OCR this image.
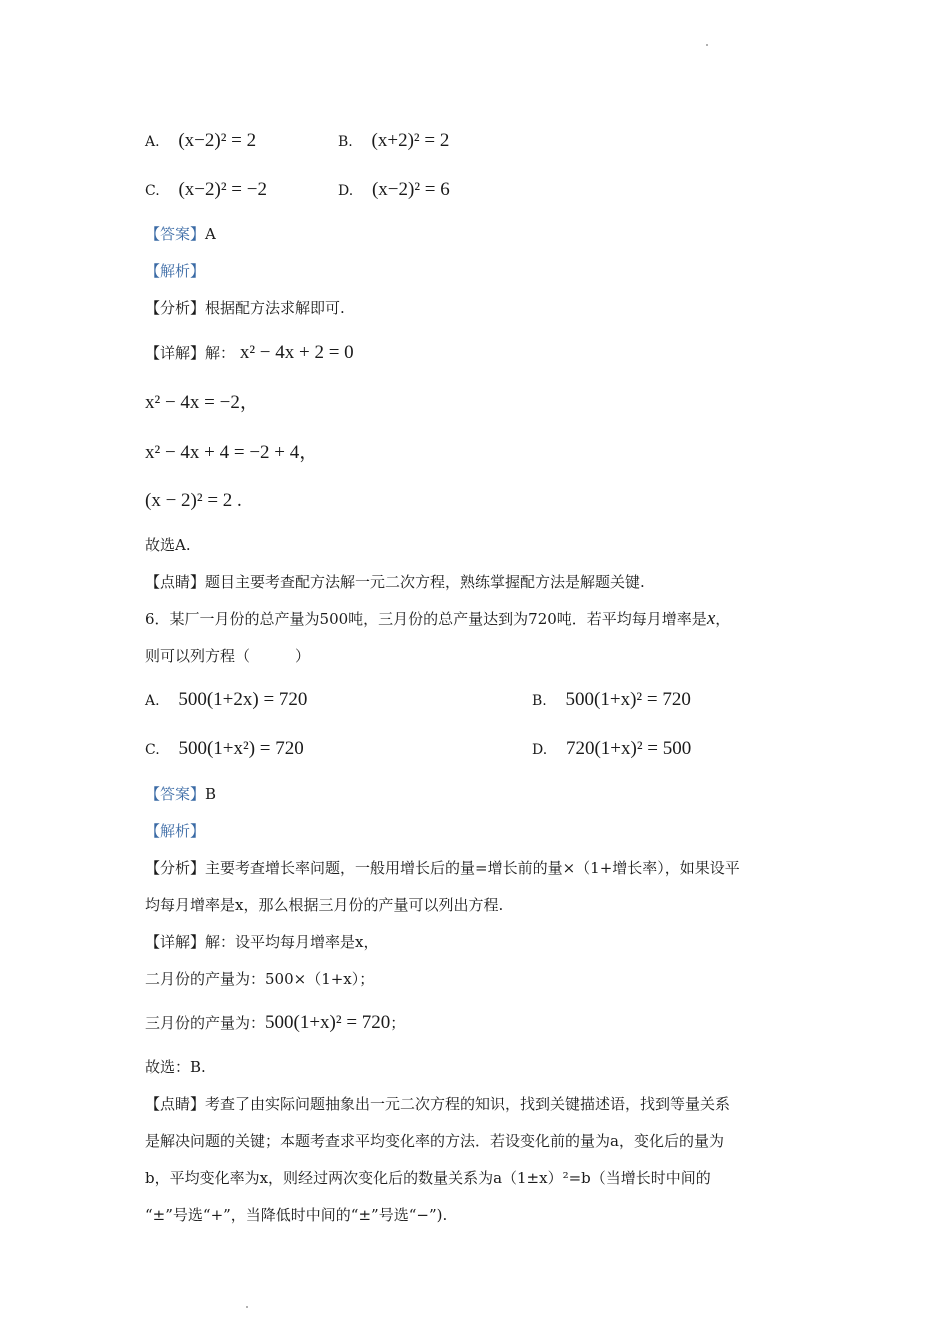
A. (x−2)² = 2	B. (x+2)² = 2
C. (x−2)² = −2	D. (x−2)² = 6
【答案】A
【解析】
【分析】根据配方法求解即可.
【详解】解： x² − 4x + 2 = 0
x² − 4x = −2，
x² − 4x + 4 = −2 + 4，
(x − 2)² = 2 .
故选A.
【点睛】题目主要考查配方法解一元二次方程，熟练掌握配方法是解题关键.
6．某厂一月份的总产量为500吨，三月份的总产量达到为720吨．若平均每月增率是x，
则可以列方程（　　　）
A. 500(1+2x) = 720	B. 500(1+x)² = 720
C. 500(1+x²) = 720	D. 720(1+x)² = 500
【答案】B
【解析】
【分析】主要考查增长率问题，一般用增长后的量=增长前的量×（1+增长率），如果设平
均每月增率是x，那么根据三月份的产量可以列出方程.
【详解】解：设平均每月增率是x，
二月份的产量为：500×（1+x）；
三月份的产量为：500(1+x)² = 720；
故选：B.
【点睛】考查了由实际问题抽象出一元二次方程的知识，找到关键描述语，找到等量关系
是解决问题的关键；本题考查求平均变化率的方法．若设变化前的量为a，变化后的量为
b，平均变化率为x，则经过两次变化后的数量关系为a（1±x）²=b（当增长时中间的
“±”号选“+”，当降低时中间的“±”号选“−”).
